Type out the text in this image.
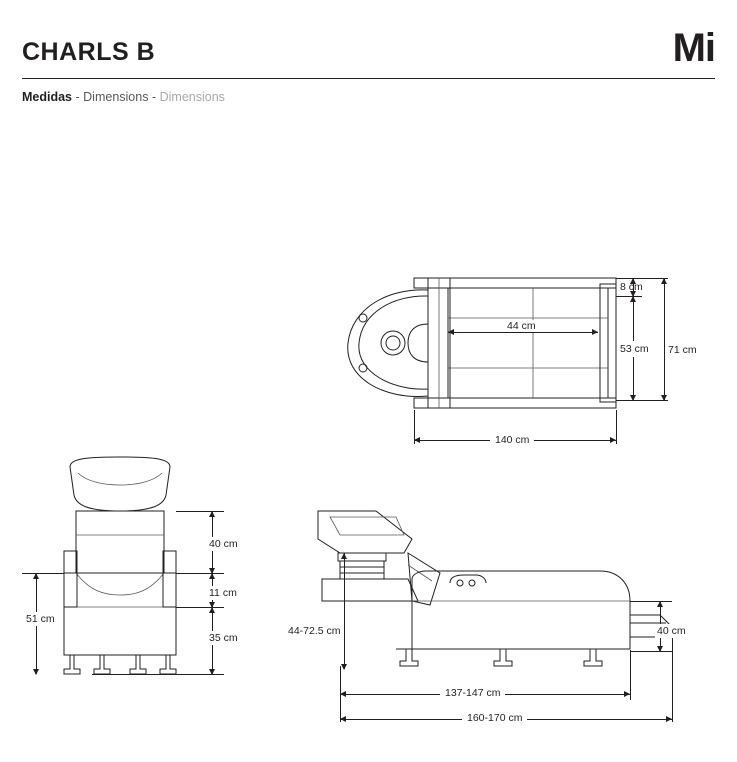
CHARLS B	Mi
Medidas - Dimensions - Dimensions
44 cm
140 cm
8 cm
53 cm 71 cm
40 cm
11 cm
35 cm
51 cm
44-72.5 cm	40 cm
137-147 cm
160-170 cm
